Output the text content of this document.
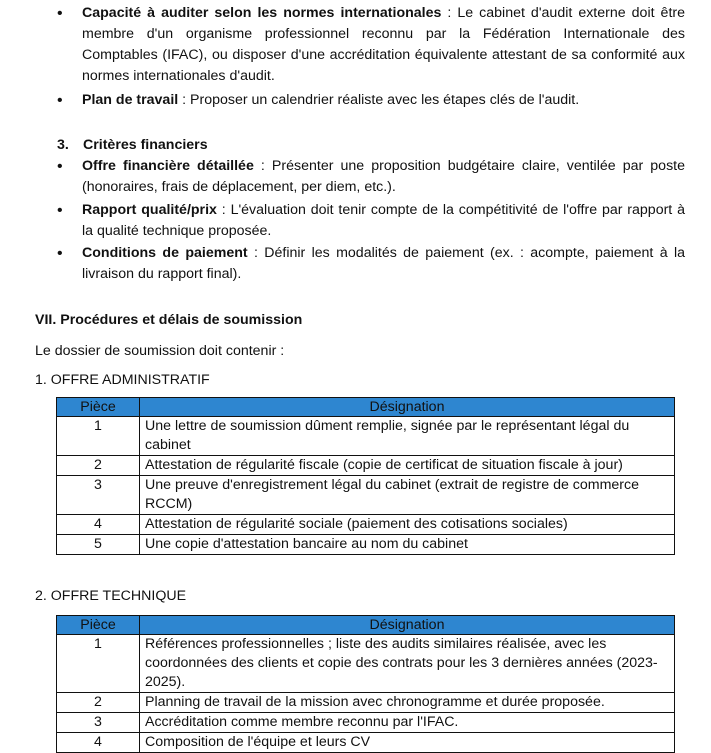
• Capacité à auditer selon les normes internationales : Le cabinet d'audit externe doit être membre d'un organisme professionnel reconnu par la Fédération Internationale des Comptables (IFAC), ou disposer d'une accréditation équivalente attestant de sa conformité aux normes internationales d'audit.
• Plan de travail : Proposer un calendrier réaliste avec les étapes clés de l'audit.
3. Critères financiers
• Offre financière détaillée : Présenter une proposition budgétaire claire, ventilée par poste (honoraires, frais de déplacement, per diem, etc.).
• Rapport qualité/prix : L'évaluation doit tenir compte de la compétitivité de l'offre par rapport à la qualité technique proposée.
• Conditions de paiement : Définir les modalités de paiement (ex. : acompte, paiement à la livraison du rapport final).
VII. Procédures et délais de soumission
Le dossier de soumission doit contenir :
1. OFFRE ADMINISTRATIF
Pièce	Désignation
1	Une lettre de soumission dûment remplie, signée par le représentant légal du cabinet
2	Attestation de régularité fiscale (copie de certificat de situation fiscale à jour)
3	Une preuve d'enregistrement légal du cabinet (extrait de registre de commerce RCCM)
4	Attestation de régularité sociale (paiement des cotisations sociales)
5	Une copie d'attestation bancaire au nom du cabinet
2. OFFRE TECHNIQUE
Pièce	Désignation
1	Références professionnelles ; liste des audits similaires réalisée, avec les coordonnées des clients et copie des contrats pour les 3 dernières années (2023-2025).
2	Planning de travail de la mission avec chronogramme et durée proposée.
3	Accréditation comme membre reconnu par l'IFAC.
4	Composition de l'équipe et leurs CV
